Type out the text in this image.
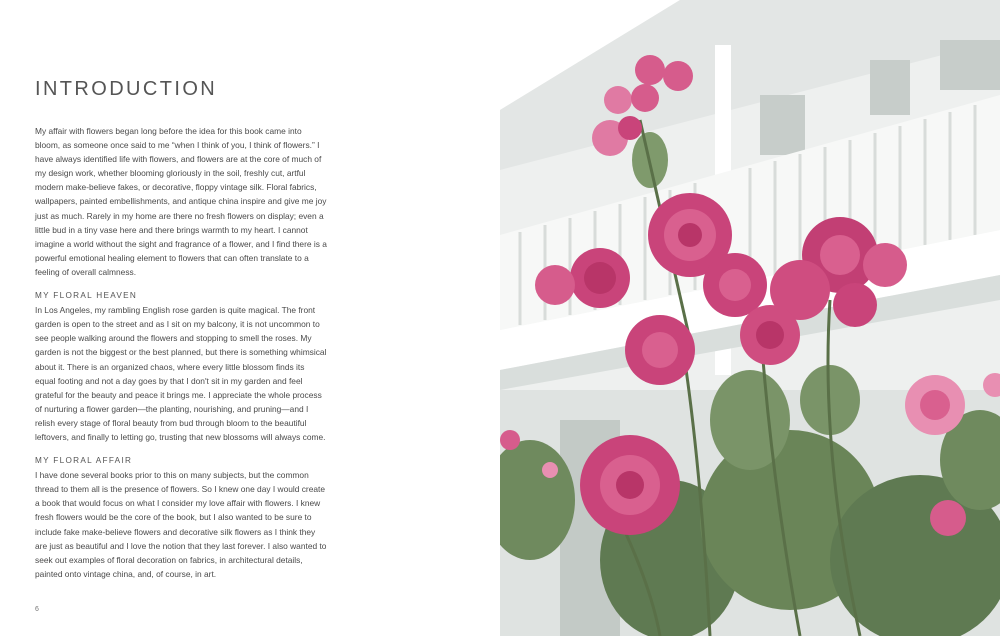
INTRODUCTION

My affair with flowers began long before the idea for this book came into bloom, as someone once said to me “when I think of you, I think of flowers.” I have always identified life with flowers, and flowers are at the core of much of my design work, whether blooming gloriously in the soil, freshly cut, artful modern make-believe fakes, or decorative, floppy vintage silk. Floral fabrics, wallpapers, painted embellishments, and antique china inspire and give me joy just as much. Rarely in my home are there no fresh flowers on display; even a little bud in a tiny vase here and there brings warmth to my heart. I cannot imagine a world without the sight and fragrance of a flower, and I find there is a powerful emotional healing element to flowers that can often translate to a feeling of overall calmness.

MY FLORAL HEAVEN

In Los Angeles, my rambling English rose garden is quite magical. The front garden is open to the street and as I sit on my balcony, it is not uncommon to see people walking around the flowers and stopping to smell the roses. My garden is not the biggest or the best planned, but there is something whimsical about it. There is an organized chaos, where every little blossom finds its equal footing and not a day goes by that I don't sit in my garden and feel grateful for the beauty and peace it brings me. I appreciate the whole process of nurturing a flower garden—the planting, nourishing, and pruning—and I relish every stage of floral beauty from bud through bloom to the beautiful leftovers, and finally to letting go, trusting that new blossoms will always come.

MY FLORAL AFFAIR

I have done several books prior to this on many subjects, but the common thread to them all is the presence of flowers. So I knew one day I would create a book that would focus on what I consider my love affair with flowers. I knew fresh flowers would be the core of the book, but I also wanted to be sure to include fake make-believe flowers and decorative silk flowers as I think they are just as beautiful and I love the notion that they last forever. I also wanted to seek out examples of floral decoration on fabrics, in architectural details, painted onto vintage china, and, of course, in art.

6
